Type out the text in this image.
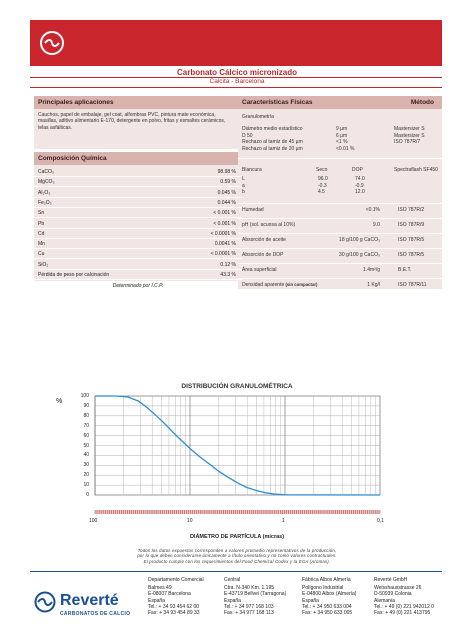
Carbonato Cálcico micronizado
Calcita - Barcelona
Principales aplicaciones
Cauchos, papel de embalaje, gel coat, alfombras PVC, pintura mate económica, masillas, aditivo alimentario E-170, detergente en polvo, fritas y esmaltes cerámicos, telas asfálticas.
Composición Química
Determinado por I.C.P.
Características Físicas	Método
DISTRIBUCIÓN GRANULOMÉTRICA
%
DIÁMETRO DE PARTÍCULA (micras)
Todos los datos expuestos corresponden a valores promedio representativos de la producción,
por lo que deben considerarse únicamente a título orientativo y no como valores contractuales.
El producto cumple con los requerimientos del Food Chemical Codex y la EGA (Aromas).
Reverté
CARBONATOS DE CALCIO
CaCO₃	98.98 %
MgCO₃	0.59 %
Al₂O₃	0.045 %
Fe₂O₃	0.044 %
Sn	< 0.001 %
Pb	< 0.001 %
Cd	< 0.0001 %
Mn	0.0041 %
Cu	< 0.0001 %
SiO₂	0.12 %
Pérdida de peso por calcinación	43.3 %
Granulometría
Diámetro medio estadístico	9 µm	Mastersizer S
D 50	6 µm	Mastersizer S
Rechazo al tamiz de 45 µm	<1 %	ISO 787R/7
Rechazo al tamiz de 20 µm	<0.01 %
Blancura	Seco	DOP	Spectraflash SF450
L	96.0	74.0
a	-0.3	-0.9
b	4.5	12.0
Humedad	<0.1%	ISO 787R/2
pH (sol. acuosa al 10%)	9.0	ISO 787R/9
Absorción de aceite	18 g/100 g CaCO₃	ISO 787R/5
Absorción de DOP	30 g/100 g CaCO₃	ISO 787R/5
Área superficial	1.4m²/g	B.E.T.
Densidad aparente (sin compactar)	1 Kg/l	ISO 787R/11
0
10
20
30
40
50
60
70
80
90
100
100	10	1	0,1
Departamento Comercial
Balmes 49
E-08007 Barcelona
España
Tel.: + 34 93 454 62 00
Fax: + 34 93 454 89 33
Central
Ctra. N-340 Km. 1.195
E-43719 Bellvei (Tarragona)
España
Tel.: + 34 977 168 103
Fax: + 34 977 168 113
Fábrica Albox Almería
Polígono Industrial
E-04800 Albox (Almería)
España
Tel.: + 34 950 633 004
Fax: + 34 950 633 005
Reverté GmbH
Weisshausstrasse 26
D-50939 Colonia
Alemania
Tel.: + 49 (0) 221 942012 0
Fax: + 49 (0) 221 413795
